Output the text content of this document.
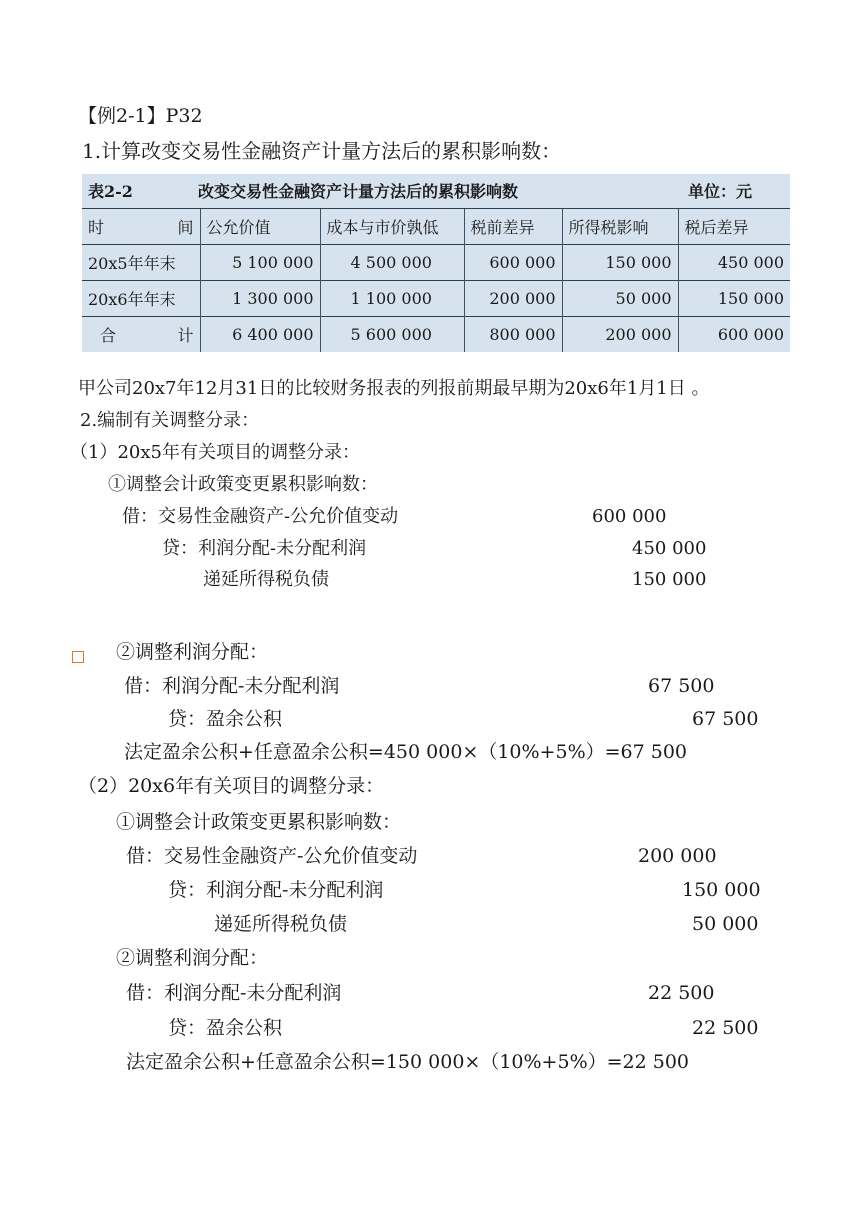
【例2-1】P32
1.计算改变交易性金融资产计量方法后的累积影响数：
表2-2	改变交易性金融资产计量方法后的累积影响数				单位：元
时　　间	公允价值	成本与市价孰低	税前差异	所得税影响	税后差异
20x5年年末	5 100 000	4 500 000	600 000	150 000	450 000
20x6年年末	1 300 000	1 100 000	200 000	50 000	150 000
合　　计	6 400 000	5 600 000	800 000	200 000	600 000
甲公司20x7年12月31日的比较财务报表的列报前期最早期为20x6年1月1日 。
2.编制有关调整分录：
（1）20x5年有关项目的调整分录：
①调整会计政策变更累积影响数：
借：交易性金融资产-公允价值变动	600 000
贷：利润分配-未分配利润	450 000
递延所得税负债	150 000
②调整利润分配：
借：利润分配-未分配利润	67 500
贷：盈余公积	67 500
法定盈余公积+任意盈余公积=450 000×（10%+5%）=67 500
（2）20x6年有关项目的调整分录：
①调整会计政策变更累积影响数：
借：交易性金融资产-公允价值变动	200 000
贷：利润分配-未分配利润	150 000
递延所得税负债	50 000
②调整利润分配：
借：利润分配-未分配利润	22 500
贷：盈余公积	22 500
法定盈余公积+任意盈余公积=150 000×（10%+5%）=22 500
